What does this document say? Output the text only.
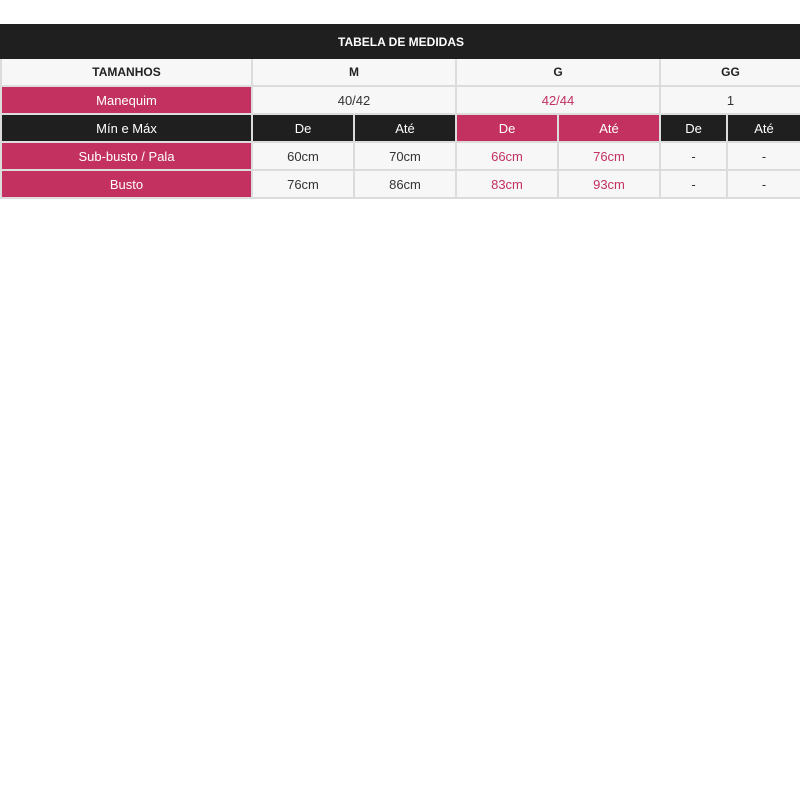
TABELA DE MEDIDAS						
TAMANHOS	M		G		GG	
Manequim	40/42		42/44		1	
Mín e Máx	De	Até	De	Até	De	Até
Sub-busto / Pala	60cm	70cm	66cm	76cm	-	-
Busto	76cm	86cm	83cm	93cm	-	-
